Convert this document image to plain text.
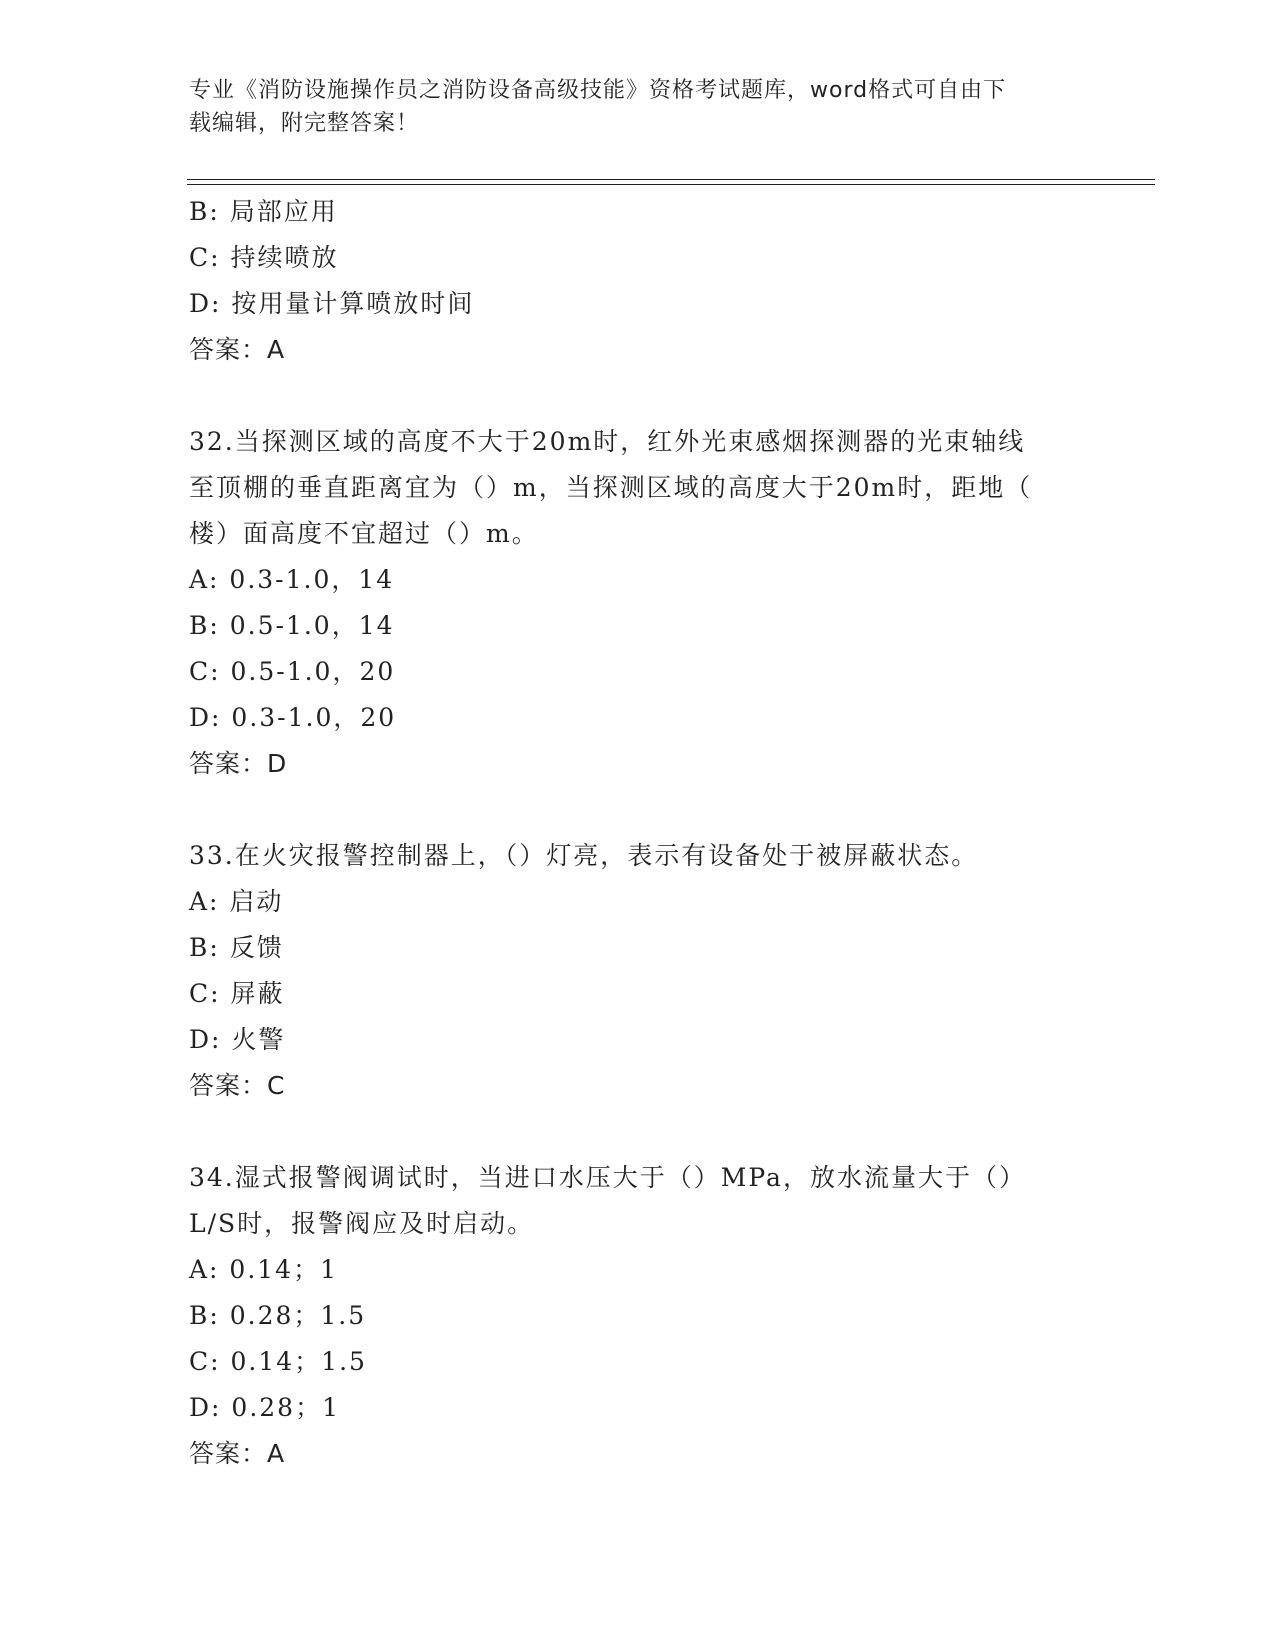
专业《消防设施操作员之消防设备高级技能》资格考试题库，word格式可自由下
载编辑，附完整答案！
B: 局部应用
C: 持续喷放
D: 按用量计算喷放时间
答案：A
32.当探测区域的高度不大于20m时，红外光束感烟探测器的光束轴线
至顶棚的垂直距离宜为（）m，当探测区域的高度大于20m时，距地（
楼）面高度不宜超过（）m。
A: 0.3-1.0，14
B: 0.5-1.0，14
C: 0.5-1.0，20
D: 0.3-1.0，20
答案：D
33.在火灾报警控制器上，（）灯亮，表示有设备处于被屏蔽状态。
A: 启动
B: 反馈
C: 屏蔽
D: 火警
答案：C
34.湿式报警阀调试时，当进口水压大于（）MPa，放水流量大于（）
L/S时，报警阀应及时启动。
A: 0.14；1
B: 0.28；1.5
C: 0.14；1.5
D: 0.28；1
答案：A
